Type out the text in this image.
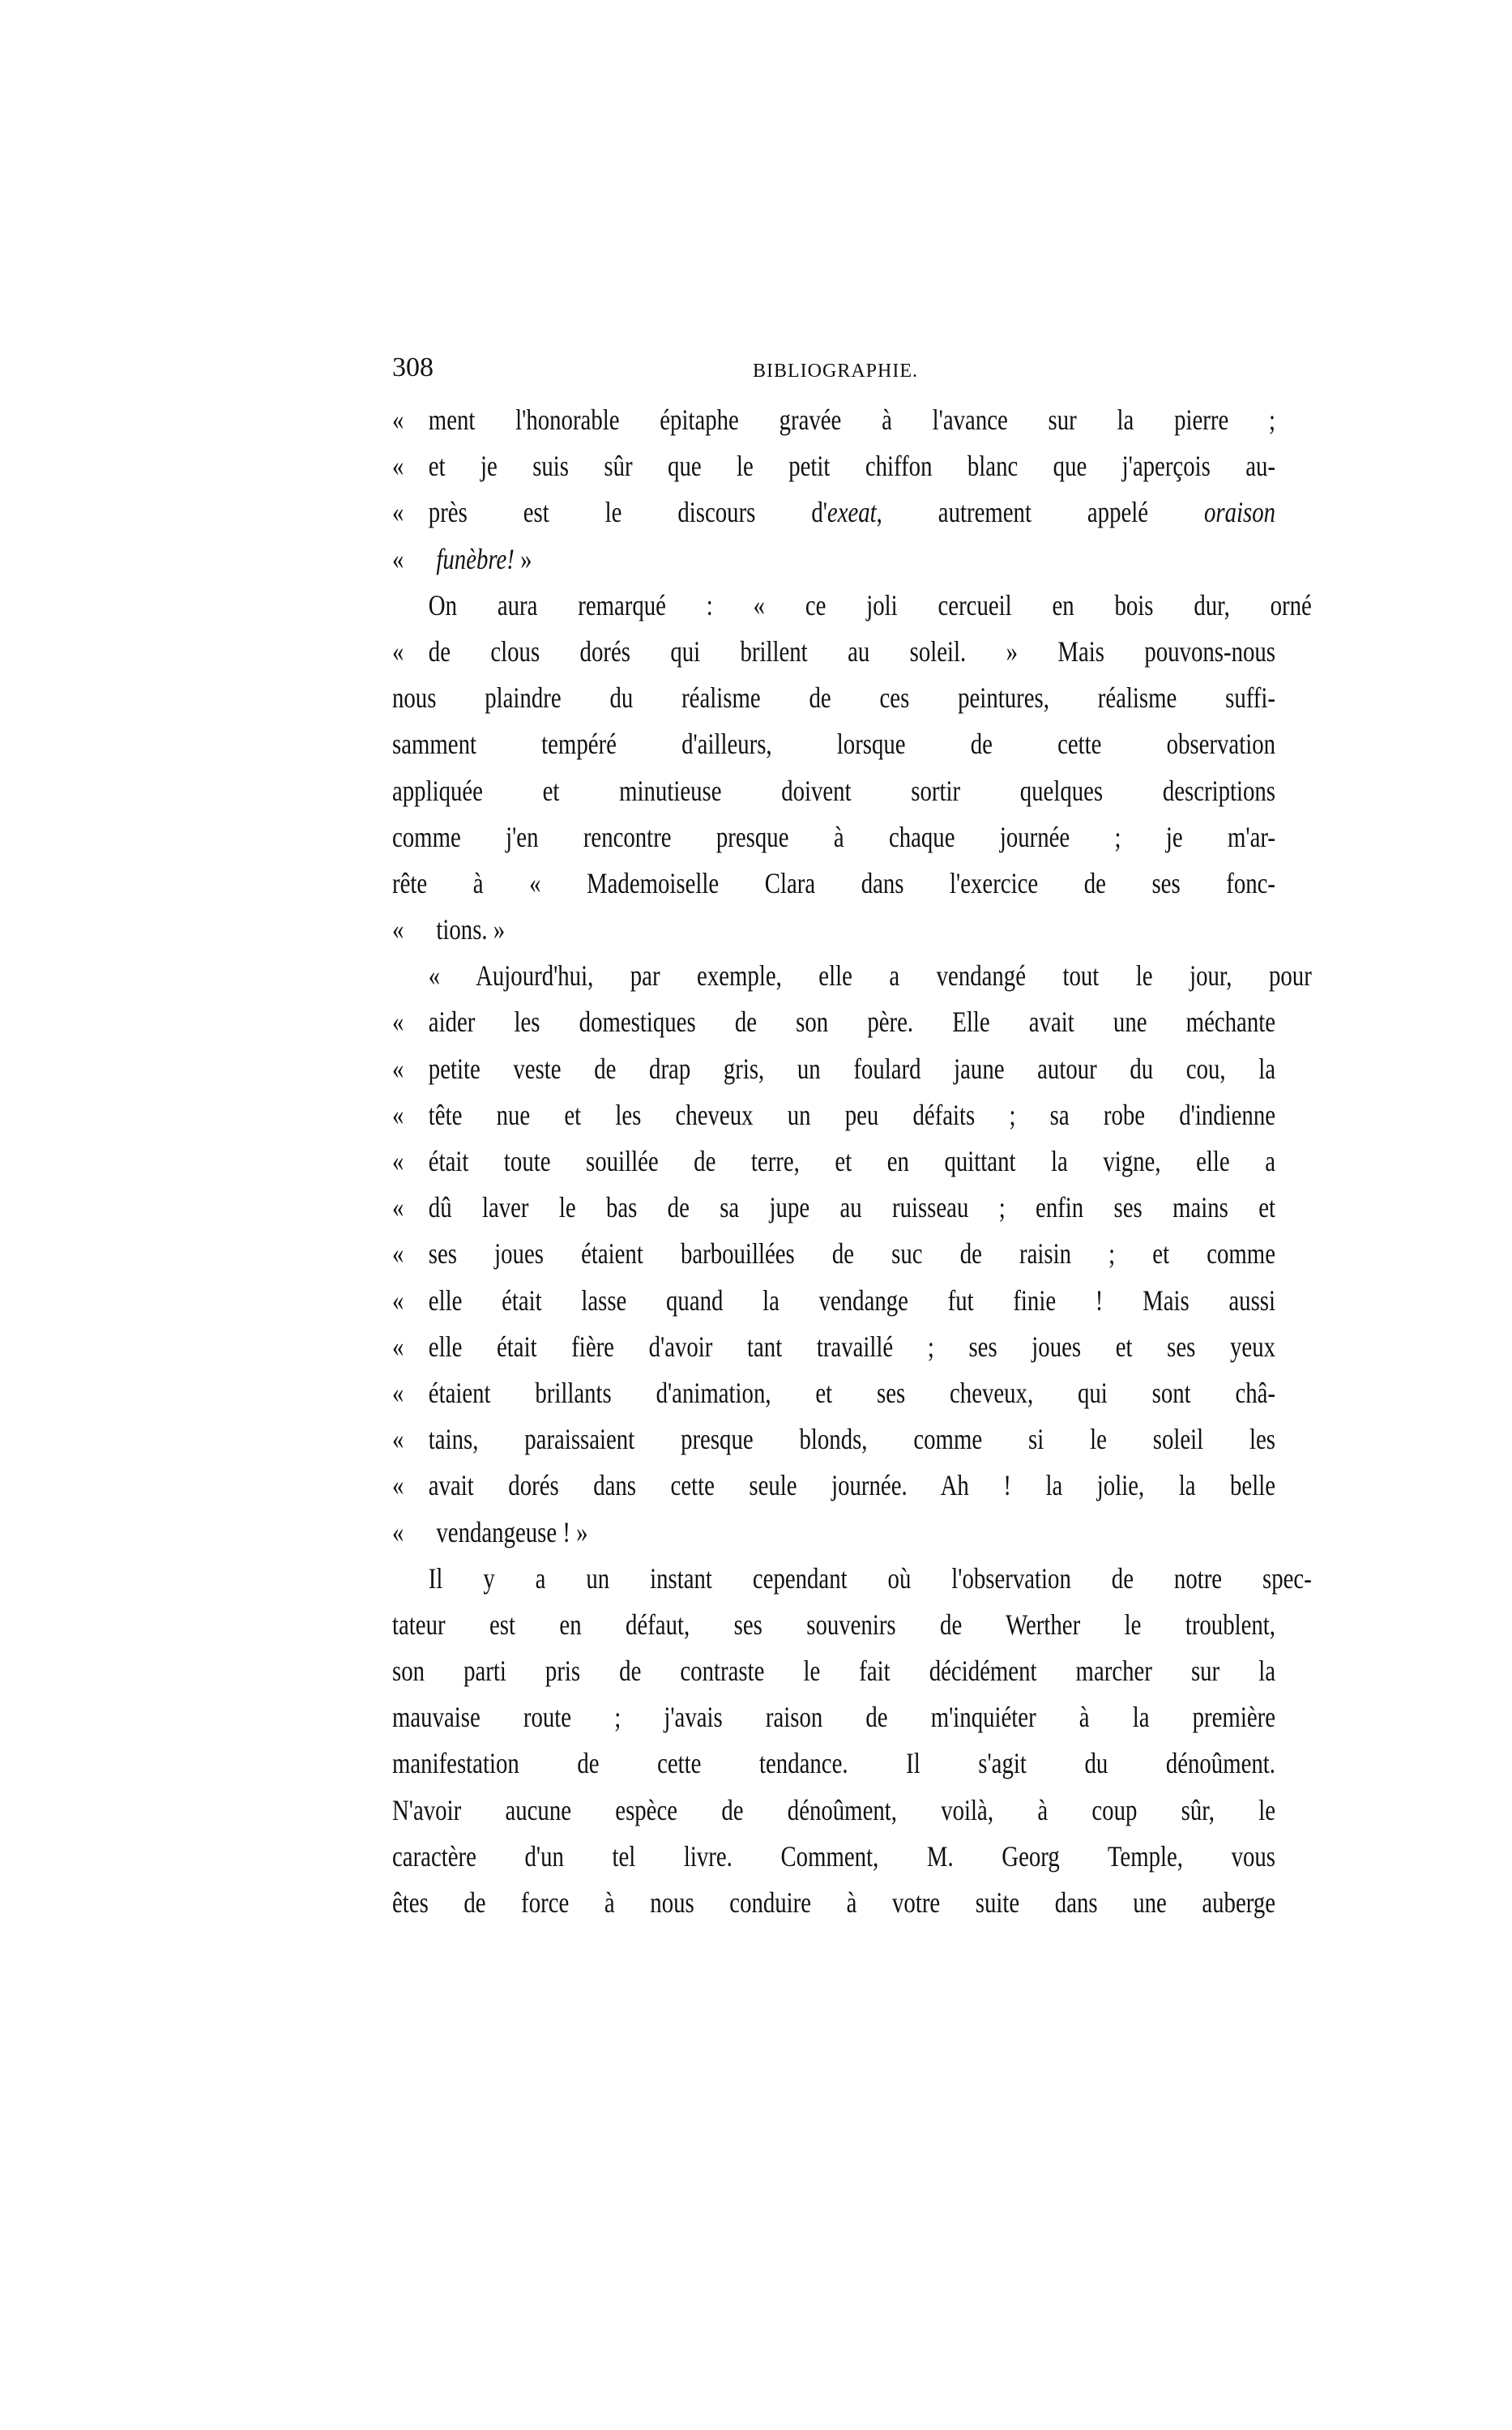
308	BIBLIOGRAPHIE.
« ment l'honorable épitaphe gravée à l'avance sur la pierre ;
« et je suis sûr que le petit chiffon blanc que j'aperçois au-
« près est le discours d'exeat, autrement appelé oraison
«	funèbre! »
On aura remarqué : « ce joli cercueil en bois dur, orné
« de clous dorés qui brillent au soleil. » Mais pouvons-nous
nous plaindre du réalisme de ces peintures, réalisme suffi-
samment tempéré d'ailleurs, lorsque de cette observation
appliquée et minutieuse doivent sortir quelques descriptions
comme j'en rencontre presque à chaque journée ; je m'ar-
rête à « Mademoiselle Clara dans l'exercice de ses fonc-
«	tions. »
« Aujourd'hui, par exemple, elle a vendangé tout le jour, pour
« aider les domestiques de son père. Elle avait une méchante
« petite veste de drap gris, un foulard jaune autour du cou, la
« tête nue et les cheveux un peu défaits ; sa robe d'indienne
« était toute souillée de terre, et en quittant la vigne, elle a
« dû laver le bas de sa jupe au ruisseau ; enfin ses mains et
« ses joues étaient barbouillées de suc de raisin ; et comme
« elle était lasse quand la vendange fut finie ! Mais aussi
« elle était fière d'avoir tant travaillé ; ses joues et ses yeux
« étaient brillants d'animation, et ses cheveux, qui sont châ-
« tains, paraissaient presque blonds, comme si le soleil les
« avait dorés dans cette seule journée. Ah ! la jolie, la belle
«	vendangeuse ! »
Il y a un instant cependant où l'observation de notre spec-
tateur est en défaut, ses souvenirs de Werther le troublent,
son parti pris de contraste le fait décidément marcher sur la
mauvaise route ; j'avais raison de m'inquiéter à la première
manifestation de cette tendance. Il s'agit du dénoûment.
N'avoir aucune espèce de dénoûment, voilà, à coup sûr, le
caractère d'un tel livre. Comment, M. Georg Temple, vous
êtes de force à nous conduire à votre suite dans une auberge
